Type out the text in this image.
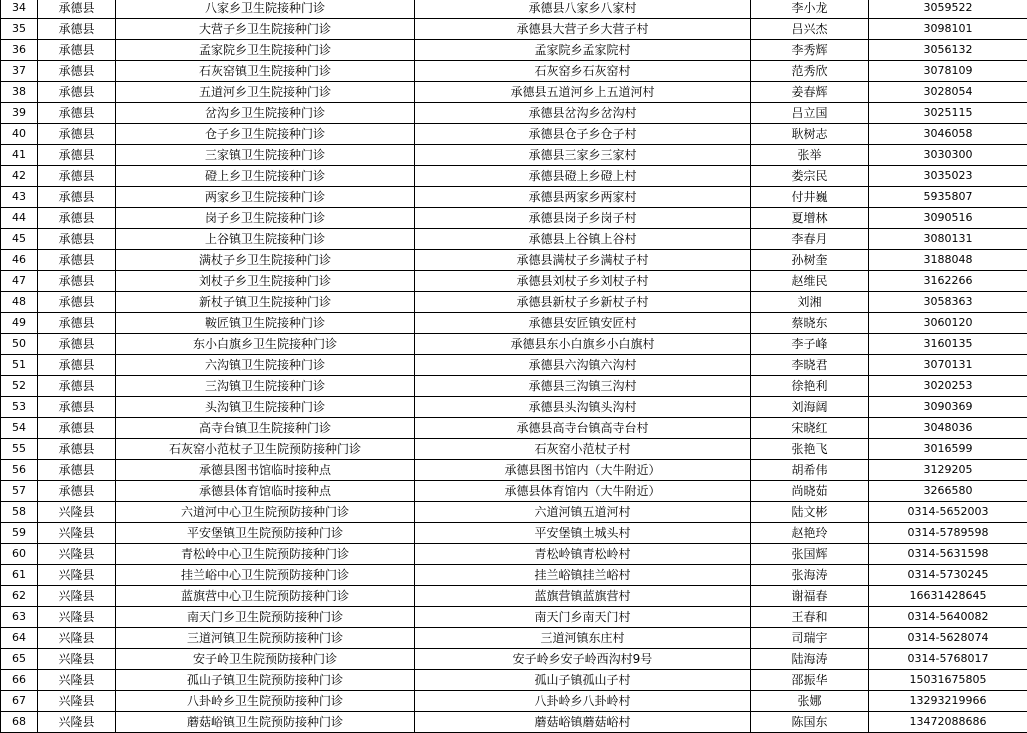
34	承德县	八家乡卫生院接种门诊	承德县八家乡八家村	李小龙	3059522
35	承德县	大营子乡卫生院接种门诊	承德县大营子乡大营子村	吕兴杰	3098101
36	承德县	孟家院乡卫生院接种门诊	孟家院乡孟家院村	李秀辉	3056132
37	承德县	石灰窑镇卫生院接种门诊	石灰窑乡石灰窑村	范秀欣	3078109
38	承德县	五道河乡卫生院接种门诊	承德县五道河乡上五道河村	姜春辉	3028054
39	承德县	岔沟乡卫生院接种门诊	承德县岔沟乡岔沟村	吕立国	3025115
40	承德县	仓子乡卫生院接种门诊	承德县仓子乡仓子村	耿树志	3046058
41	承德县	三家镇卫生院接种门诊	承德县三家乡三家村	张举	3030300
42	承德县	磴上乡卫生院接种门诊	承德县磴上乡磴上村	娄宗民	3035023
43	承德县	两家乡卫生院接种门诊	承德县两家乡两家村	付井巍	5935807
44	承德县	岗子乡卫生院接种门诊	承德县岗子乡岗子村	夏增林	3090516
45	承德县	上谷镇卫生院接种门诊	承德县上谷镇上谷村	李春月	3080131
46	承德县	满杖子乡卫生院接种门诊	承德县满杖子乡满杖子村	孙树奎	3188048
47	承德县	刘杖子乡卫生院接种门诊	承德县刘杖子乡刘杖子村	赵维民	3162266
48	承德县	新杖子镇卫生院接种门诊	承德县新杖子乡新杖子村	刘湘	3058363
49	承德县	鞍匠镇卫生院接种门诊	承德县安匠镇安匠村	蔡晓东	3060120
50	承德县	东小白旗乡卫生院接种门诊	承德县东小白旗乡小白旗村	李子峰	3160135
51	承德县	六沟镇卫生院接种门诊	承德县六沟镇六沟村	李晓君	3070131
52	承德县	三沟镇卫生院接种门诊	承德县三沟镇三沟村	徐艳利	3020253
53	承德县	头沟镇卫生院接种门诊	承德县头沟镇头沟村	刘海阔	3090369
54	承德县	高寺台镇卫生院接种门诊	承德县高寺台镇高寺台村	宋晓红	3048036
55	承德县	石灰窑小范杖子卫生院预防接种门诊	石灰窑小范杖子村	张艳飞	3016599
56	承德县	承德县图书馆临时接种点	承德县图书馆内（大牛附近）	胡希伟	3129205
57	承德县	承德县体育馆临时接种点	承德县体育馆内（大牛附近）	尚晓茹	3266580
58	兴隆县	六道河中心卫生院预防接种门诊	六道河镇五道河村	陆文彬	0314-5652003
59	兴隆县	平安堡镇卫生院预防接种门诊	平安堡镇土城头村	赵艳玲	0314-5789598
60	兴隆县	青松岭中心卫生院预防接种门诊	青松岭镇青松岭村	张国辉	0314-5631598
61	兴隆县	挂兰峪中心卫生院预防接种门诊	挂兰峪镇挂兰峪村	张海涛	0314-5730245
62	兴隆县	蓝旗营中心卫生院预防接种门诊	蓝旗营镇蓝旗营村	谢福春	16631428645
63	兴隆县	南天门乡卫生院预防接种门诊	南天门乡南天门村	王春和	0314-5640082
64	兴隆县	三道河镇卫生院预防接种门诊	三道河镇东庄村	司瑞宇	0314-5628074
65	兴隆县	安子岭卫生院预防接种门诊	安子岭乡安子岭西沟村9号	陆海涛	0314-5768017
66	兴隆县	孤山子镇卫生院预防接种门诊	孤山子镇孤山子村	邵振华	15031675805
67	兴隆县	八卦岭乡卫生院预防接种门诊	八卦岭乡八卦岭村	张娜	13293219966
68	兴隆县	蘑菇峪镇卫生院预防接种门诊	蘑菇峪镇蘑菇峪村	陈国东	13472088686
